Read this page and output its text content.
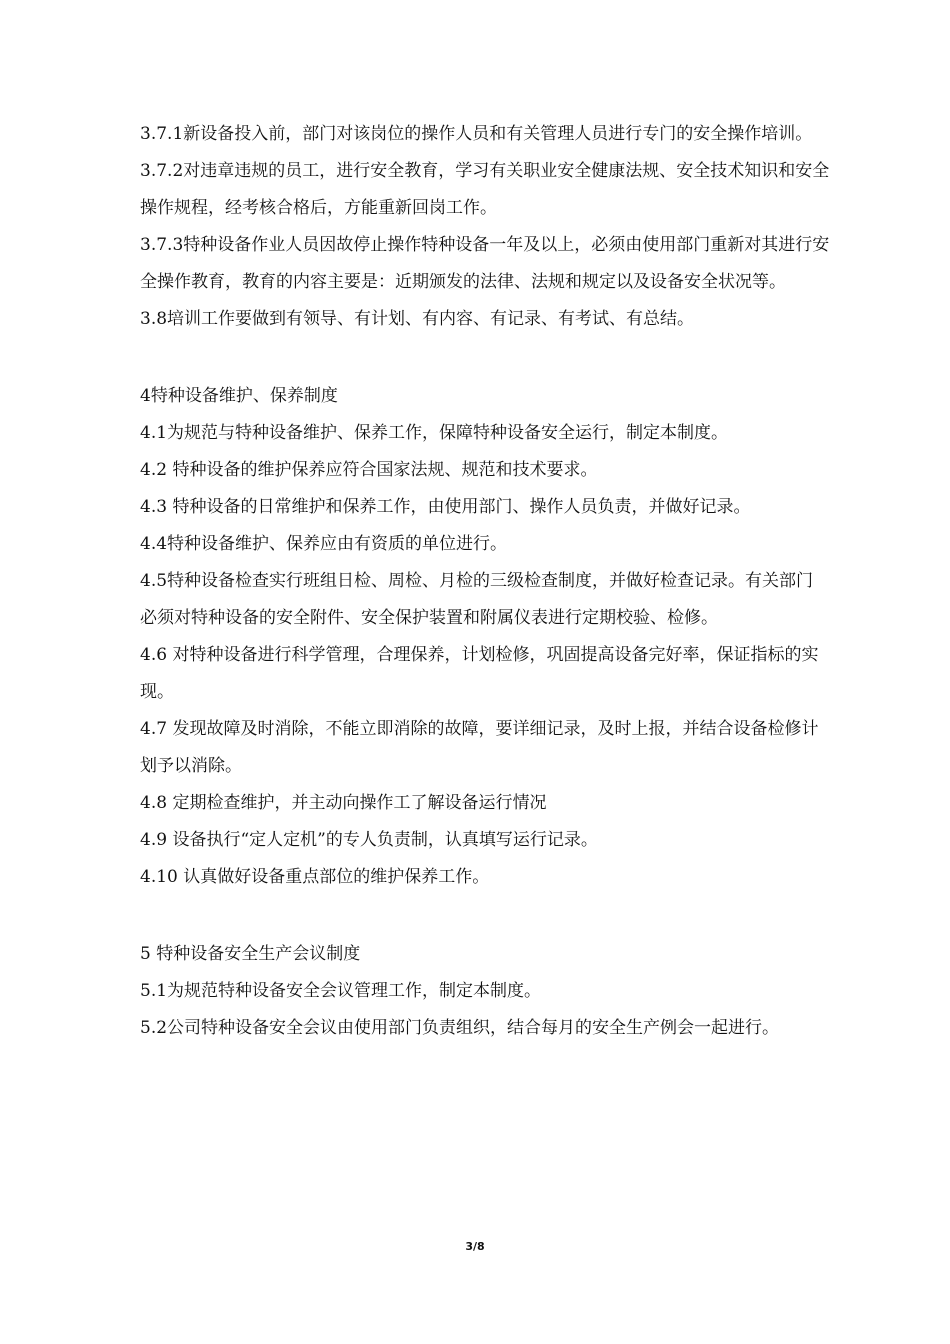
3.7.1新设备投入前，部门对该岗位的操作人员和有关管理人员进行专门的安全操作培训。

3.7.2对违章违规的员工，进行安全教育，学习有关职业安全健康法规、安全技术知识和安全操作规程，经考核合格后，方能重新回岗工作。

3.7.3特种设备作业人员因故停止操作特种设备一年及以上，必须由使用部门重新对其进行安全操作教育，教育的内容主要是：近期颁发的法律、法规和规定以及设备安全状况等。

3.8培训工作要做到有领导、有计划、有内容、有记录、有考试、有总结。

4特种设备维护、保养制度

4.1为规范与特种设备维护、保养工作，保障特种设备安全运行，制定本制度。

4.2 特种设备的维护保养应符合国家法规、规范和技术要求。

4.3 特种设备的日常维护和保养工作，由使用部门、操作人员负责，并做好记录。

4.4特种设备维护、保养应由有资质的单位进行。

4.5特种设备检查实行班组日检、周检、月检的三级检查制度，并做好检查记录。有关部门必须对特种设备的安全附件、安全保护装置和附属仪表进行定期校验、检修。

4.6 对特种设备进行科学管理，合理保养，计划检修，巩固提高设备完好率，保证指标的实现。

4.7 发现故障及时消除，不能立即消除的故障，要详细记录，及时上报，并结合设备检修计划予以消除。

4.8 定期检查维护，并主动向操作工了解设备运行情况

4.9 设备执行“定人定机”的专人负责制，认真填写运行记录。

4.10 认真做好设备重点部位的维护保养工作。

5 特种设备安全生产会议制度

5.1为规范特种设备安全会议管理工作，制定本制度。

5.2公司特种设备安全会议由使用部门负责组织，结合每月的安全生产例会一起进行。

3/8
